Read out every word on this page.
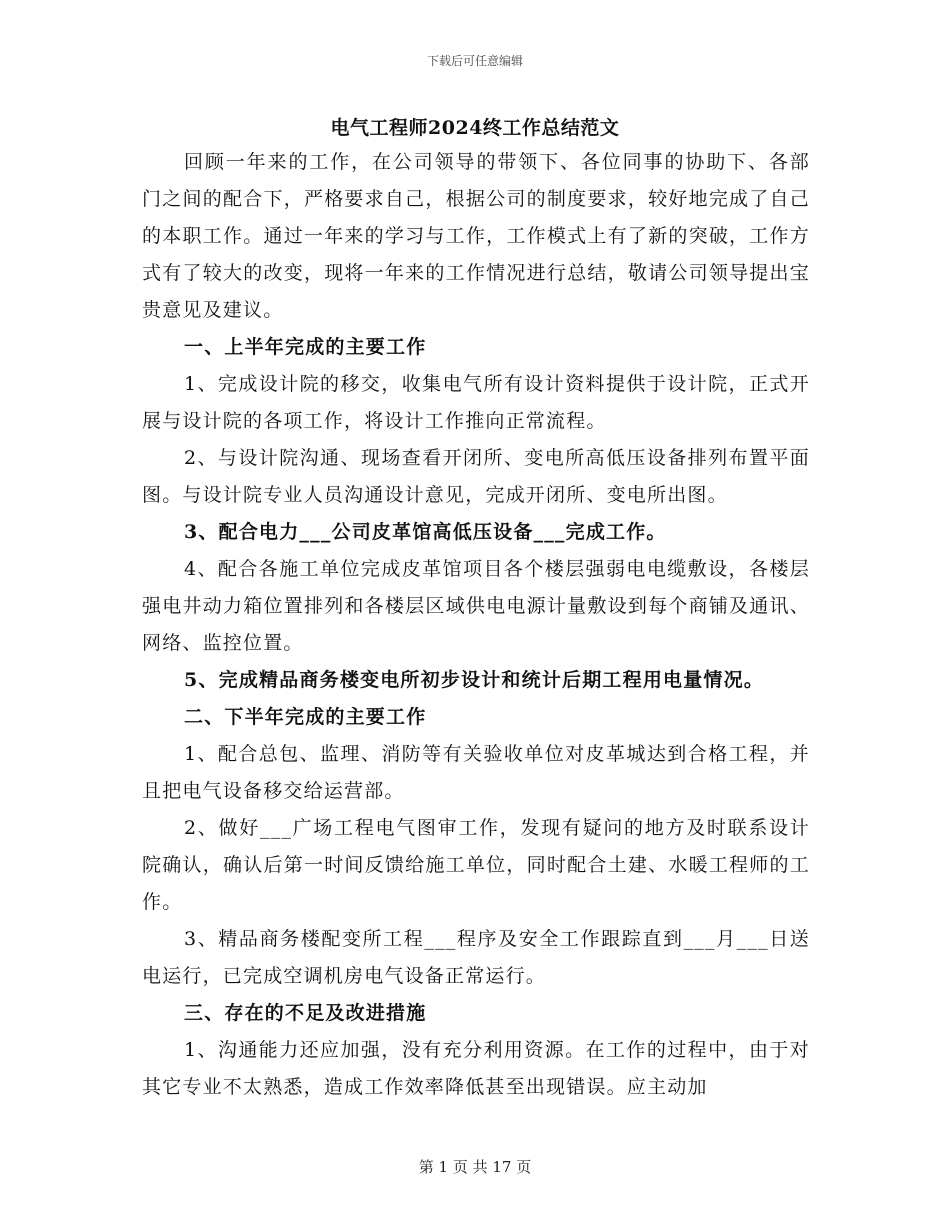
下载后可任意编辑
电气工程师2024终工作总结范文

回顾一年来的工作，在公司领导的带领下、各位同事的协助下、各部门之间的配合下，严格要求自己，根据公司的制度要求，较好地完成了自己的本职工作。通过一年来的学习与工作，工作模式上有了新的突破，工作方式有了较大的改变，现将一年来的工作情况进行总结，敬请公司领导提出宝贵意见及建议。

一、上半年完成的主要工作

1、完成设计院的移交，收集电气所有设计资料提供于设计院，正式开展与设计院的各项工作，将设计工作推向正常流程。

2、与设计院沟通、现场查看开闭所、变电所高低压设备排列布置平面图。与设计院专业人员沟通设计意见，完成开闭所、变电所出图。

3、配合电力___公司皮革馆高低压设备___完成工作。

4、配合各施工单位完成皮革馆项目各个楼层强弱电电缆敷设，各楼层强电井动力箱位置排列和各楼层区域供电电源计量敷设到每个商铺及通讯、网络、监控位置。

5、完成精品商务楼变电所初步设计和统计后期工程用电量情况。

二、下半年完成的主要工作

1、配合总包、监理、消防等有关验收单位对皮革城达到合格工程，并且把电气设备移交给运营部。

2、做好___广场工程电气图审工作，发现有疑问的地方及时联系设计院确认，确认后第一时间反馈给施工单位，同时配合土建、水暖工程师的工作。

3、精品商务楼配变所工程___程序及安全工作跟踪直到___月___日送电运行，已完成空调机房电气设备正常运行。

三、存在的不足及改进措施

1、沟通能力还应加强，没有充分利用资源。在工作的过程中，由于对其它专业不太熟悉，造成工作效率降低甚至出现错误。应主动加

第 1 页 共 17 页
